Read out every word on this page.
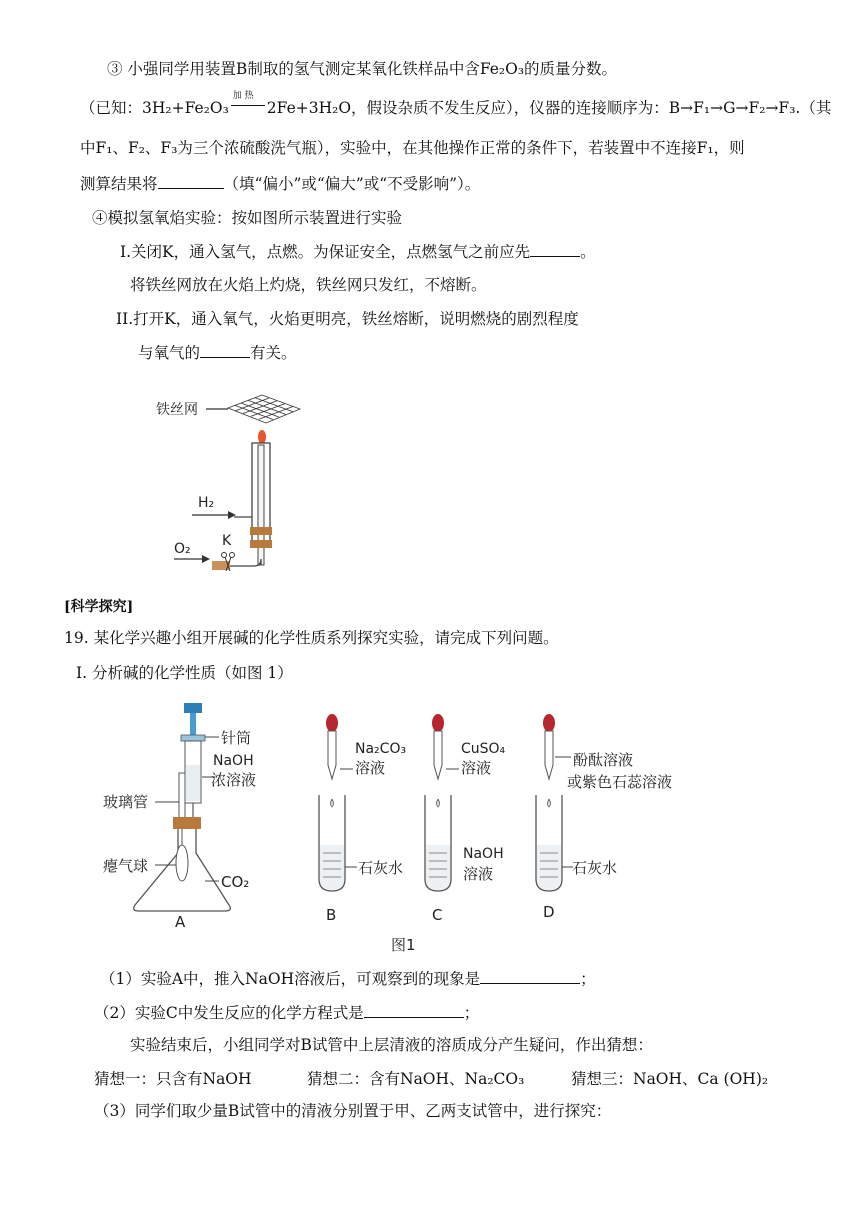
③ 小强同学用装置B制取的氢气测定某氧化铁样品中含Fe₂O₃的质量分数。
（已知：3H₂+Fe₂O₃
加 热
2Fe+3H₂O，假设杂质不发生反应），仪器的连接顺序为：B→F₁→G→F₂→F₃.（其
中F₁、F₂、F₃为三个浓硫酸洗气瓶），实验中，在其他操作正常的条件下，若装置中不连接F₁，则
测算结果将	（填“偏小”或“偏大”或“不受影响”）。
④模拟氢氧焰实验：按如图所示装置进行实验
I.关闭K，通入氢气，点燃。为保证安全，点燃氢气之前应先	。
将铁丝网放在火焰上灼烧，铁丝网只发红，不熔断。
II.打开K，通入氧气，火焰更明亮，铁丝熔断，说明燃烧的剧烈程度
与氧气的	有关。
铁丝网
H₂
O₂ K
[科学探究]
19. 某化学兴趣小组开展碱的化学性质系列探究实验，请完成下列问题。
Ⅰ. 分析碱的化学性质（如图 1）
针筒
NaOH
浓溶液
玻璃管
瘪气球
CO₂
A
Na₂CO₃
溶液
石灰水
B
CuSO₄
溶液
NaOH
溶液
C
酚酞溶液
或紫色石蕊溶液
石灰水
D
图1
（1）实验A中，推入NaOH溶液后，可观察到的现象是	；
（2）实验C中发生反应的化学方程式是	；
实验结束后，小组同学对B试管中上层清液的溶质成分产生疑问，作出猜想：
猜想一：只含有NaOH	猜想二：含有NaOH、Na₂CO₃	猜想三：NaOH、Ca (OH)₂
（3）同学们取少量B试管中的清液分别置于甲、乙两支试管中，进行探究：
